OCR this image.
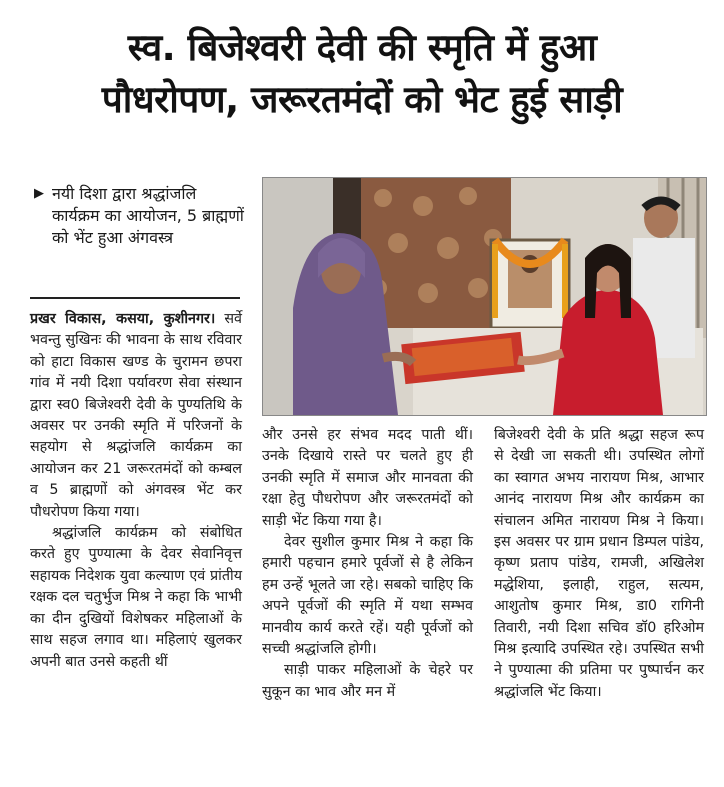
स्व. बिजेश्वरी देवी की स्मृति में हुआ
पौधरोपण, जरूरतमंदों को भेट हुई साड़ी
▶ नयी दिशा द्वारा श्रद्धांजलि कार्यक्रम का आयोजन, 5 ब्राह्मणों को भेंट हुआ अंगवस्त्र

प्रखर विकास, कसया, कुशीनगर। सर्वे भवन्तु सुखिनः की भावना के साथ रविवार को हाटा विकास खण्ड के चुरामन छपरा गांव में नयी दिशा पर्यावरण सेवा संस्थान द्वारा स्व0 बिजेश्वरी देवी के पुण्यतिथि के अवसर पर उनकी स्मृति में परिजनों के सहयोग से श्रद्धांजलि कार्यक्रम का आयोजन कर 21 जरूरतमंदों को कम्बल व 5 ब्राह्मणों को अंगवस्त्र भेंट कर पौधरोपण किया गया।

श्रद्धांजलि कार्यक्रम को संबोधित करते हुए पुण्यात्मा के देवर सेवानिवृत्त सहायक निदेशक युवा कल्याण एवं प्रांतीय रक्षक दल चतुर्भुज मिश्र ने कहा कि भाभी का दीन दुखियों विशेषकर महिलाओं के साथ सहज लगाव था। महिलाएं खुलकर अपनी बात उनसे कहती थीं

और उनसे हर संभव मदद पाती थीं। उनके दिखाये रास्ते पर चलते हुए ही उनकी स्मृति में समाज और मानवता की रक्षा हेतु पौधरोपण और जरूरतमंदों को साड़ी भेंट किया गया है।

देवर सुशील कुमार मिश्र ने कहा कि हमारी पहचान हमारे पूर्वजों से है लेकिन हम उन्हें भूलते जा रहे। सबको चाहिए कि अपने पूर्वजों की स्मृति में यथा सम्भव मानवीय कार्य करते रहें। यही पूर्वजों को सच्ची श्रद्धांजलि होगी।

साड़ी पाकर महिलाओं के चेहरे पर सुकून का भाव और मन में

बिजेश्वरी देवी के प्रति श्रद्धा सहज रूप से देखी जा सकती थी। उपस्थित लोगों का स्वागत अभय नारायण मिश्र, आभार आनंद नारायण मिश्र और कार्यक्रम का संचालन अमित नारायण मिश्र ने किया। इस अवसर पर ग्राम प्रधान डिम्पल पांडेय, कृष्ण प्रताप पांडेय, रामजी, अखिलेश मद्धेशिया, इलाही, राहुल, सत्यम, आशुतोष कुमार मिश्र, डा0 रागिनी तिवारी, नयी दिशा सचिव डॉ0 हरिओम मिश्र इत्यादि उपस्थित रहे। उपस्थित सभी ने पुण्यात्मा की प्रतिमा पर पुष्पार्चन कर श्रद्धांजलि भेंट किया।
